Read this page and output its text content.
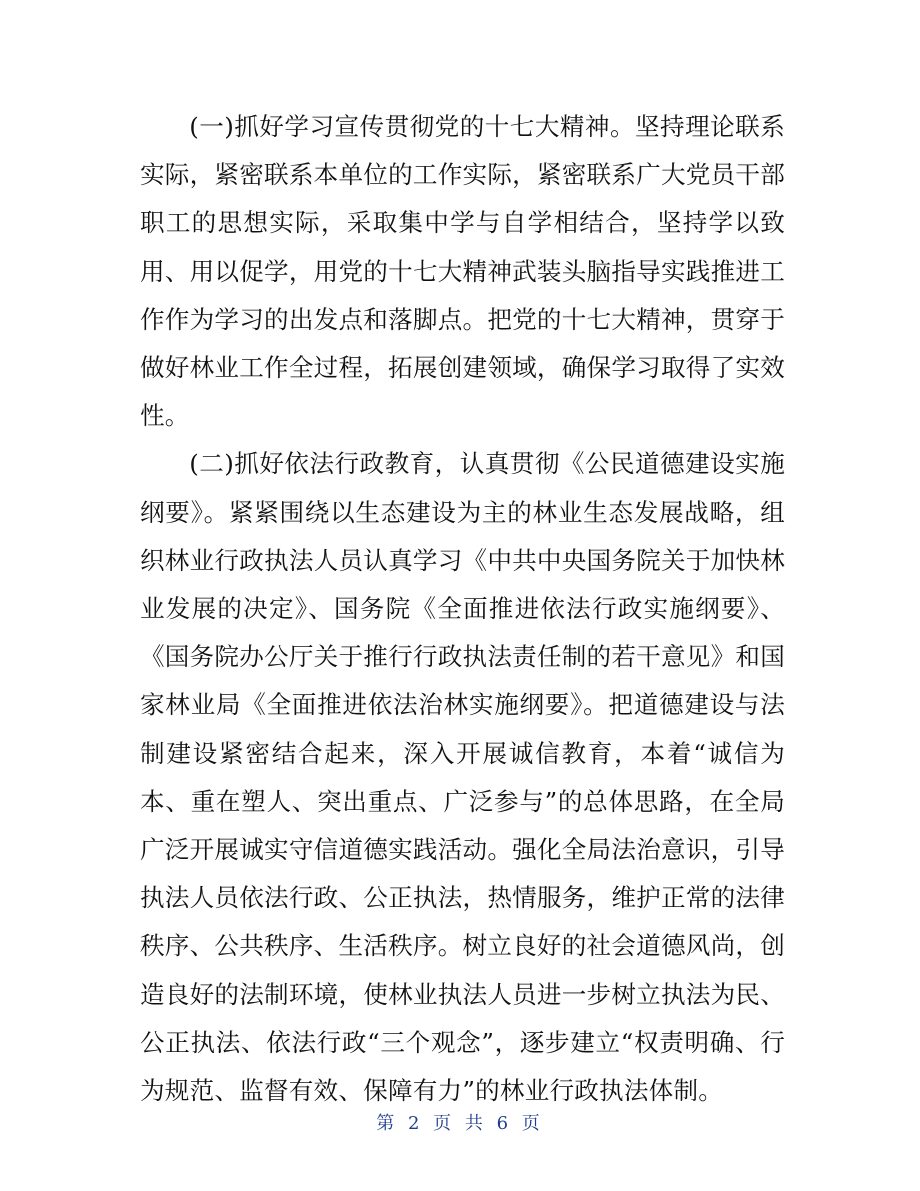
(一)抓好学习宣传贯彻党的十七大精神。坚持理论联系实际，紧密联系本单位的工作实际，紧密联系广大党员干部职工的思想实际，采取集中学与自学相结合，坚持学以致用、用以促学，用党的十七大精神武装头脑指导实践推进工作作为学习的出发点和落脚点。把党的十七大精神，贯穿于做好林业工作全过程，拓展创建领域，确保学习取得了实效性。

(二)抓好依法行政教育，认真贯彻《公民道德建设实施纲要》。紧紧围绕以生态建设为主的林业生态发展战略，组织林业行政执法人员认真学习《中共中央国务院关于加快林业发展的决定》、国务院《全面推进依法行政实施纲要》、《国务院办公厅关于推行行政执法责任制的若干意见》和国家林业局《全面推进依法治林实施纲要》。把道德建设与法制建设紧密结合起来，深入开展诚信教育，本着“诚信为本、重在塑人、突出重点、广泛参与”的总体思路，在全局广泛开展诚实守信道德实践活动。强化全局法治意识，引导执法人员依法行政、公正执法，热情服务，维护正常的法律秩序、公共秩序、生活秩序。树立良好的社会道德风尚，创造良好的法制环境，使林业执法人员进一步树立执法为民、公正执法、依法行政“三个观念”，逐步建立“权责明确、行为规范、监督有效、保障有力”的林业行政执法体制。

第 2 页 共 6 页
